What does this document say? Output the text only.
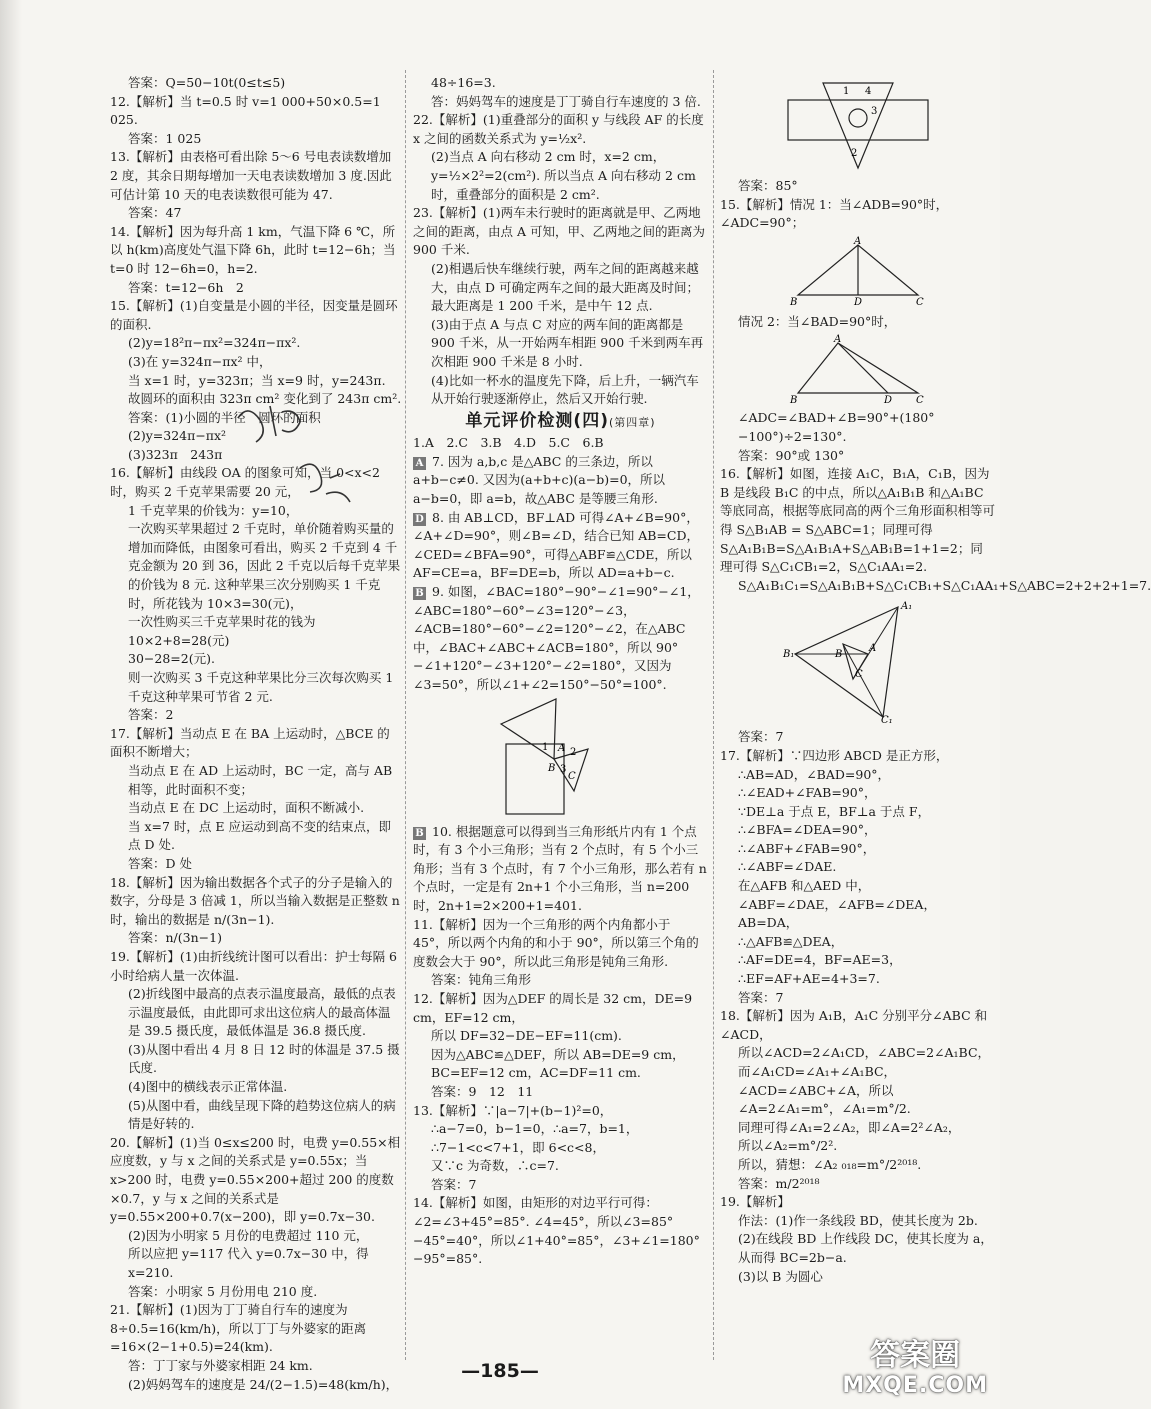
答案：Q=50−10t(0≤t≤5)

12.【解析】当 t=0.5 时 v=1 000+50×0.5=1 025.

答案：1 025

13.【解析】由表格可看出除 5～6 号电表读数增加 2 度，其余日期每增加一天电表读数增加 3 度.因此可估计第 10 天的电表读数很可能为 47.

答案：47

14.【解析】因为每升高 1 km，气温下降 6 ℃，所以 h(km)高度处气温下降 6h，此时 t=12−6h；当 t=0 时 12−6h=0，h=2.

答案：t=12−6h　2

15.【解析】(1)自变量是小圆的半径，因变量是圆环的面积.

(2)y=18²π−πx²=324π−πx².

(3)在 y=324π−πx² 中，

当 x=1 时，y=323π；当 x=9 时，y=243π.

故圆环的面积由 323π cm² 变化到了 243π cm².

答案：(1)小圆的半径　圆环的面积

(2)y=324π−πx²

(3)323π　243π

16.【解析】由线段 OA 的图象可知，当 0<x<2 时，购买 2 千克苹果需要 20 元，

1 千克苹果的价钱为：y=10，

一次购买苹果超过 2 千克时，单价随着购买量的增加而降低，由图象可看出，购买 2 千克到 4 千克金额为 20 到 36，因此 2 千克以后每千克苹果的价钱为 8 元. 这种苹果三次分别购买 1 千克时，所花钱为 10×3=30(元)，

一次性购买三千克苹果时花的钱为 10×2+8=28(元)

30−28=2(元).

则一次购买 3 千克这种苹果比分三次每次购买 1 千克这种苹果可节省 2 元.

答案：2

17.【解析】当动点 E 在 BA 上运动时，△BCE 的面积不断增大；

当动点 E 在 AD 上运动时，BC 一定，高与 AB 相等，此时面积不变；

当动点 E 在 DC 上运动时，面积不断减小.

当 x=7 时，点 E 应运动到高不变的结束点，即点 D 处.

答案：D 处

18.【解析】因为输出数据各个式子的分子是输入的数字，分母是 3 倍减 1，所以当输入数据是正整数 n 时，输出的数据是 n/(3n−1).

答案：n/(3n−1)

19.【解析】(1)由折线统计图可以看出：护士每隔 6 小时给病人量一次体温.

(2)折线图中最高的点表示温度最高，最低的点表示温度最低，由此即可求出这位病人的最高体温是 39.5 摄氏度，最低体温是 36.8 摄氏度.

(3)从图中看出 4 月 8 日 12 时的体温是 37.5 摄氏度.

(4)图中的横线表示正常体温.

(5)从图中看，曲线呈现下降的趋势这位病人的病情是好转的.

20.【解析】(1)当 0≤x≤200 时，电费 y=0.55×相应度数，y 与 x 之间的关系式是 y=0.55x；当 x>200 时，电费 y=0.55×200+超过 200 的度数×0.7，y 与 x 之间的关系式是 y=0.55×200+0.7(x−200)，即 y=0.7x−30.

(2)因为小明家 5 月份的电费超过 110 元，

所以应把 y=117 代入 y=0.7x−30 中，得 x=210.

答案：小明家 5 月份用电 210 度.

21.【解析】(1)因为丁丁骑自行车的速度为 8÷0.5=16(km/h)，所以丁丁与外婆家的距离=16×(2−1+0.5)=24(km).

答：丁丁家与外婆家相距 24 km.

(2)妈妈驾车的速度是 24/(2−1.5)=48(km/h)，

48÷16=3.

答：妈妈驾车的速度是丁丁骑自行车速度的 3 倍.

22.【解析】(1)重叠部分的面积 y 与线段 AF 的长度 x 之间的函数关系式为 y=½x².

(2)当点 A 向右移动 2 cm 时，x=2 cm，y=½×2²=2(cm²). 所以当点 A 向右移动 2 cm 时，重叠部分的面积是 2 cm².

23.【解析】(1)两车未行驶时的距离就是甲、乙两地之间的距离，由点 A 可知，甲、乙两地之间的距离为 900 千米.

(2)相遇后快车继续行驶，两车之间的距离越来越大，由点 D 可确定两车之间的最大距离及时间；最大距离是 1 200 千米，是中午 12 点.

(3)由于点 A 与点 C 对应的两车间的距离都是 900 千米，从一开始两车相距 900 千米到两车再次相距 900 千米是 8 小时.

(4)比如一杯水的温度先下降，后上升，一辆汽车从开始行驶逐渐停止，然后又开始行驶.

单元评价检测(四)(第四章)

1.A　2.C　3.B　4.D　5.C　6.B

A 7. 因为 a,b,c 是△ABC 的三条边，所以 a+b−c≠0. 又因为(a+b+c)(a−b)=0，所以 a−b=0，即 a=b，故△ABC 是等腰三角形.

D 8. 由 AB⊥CD，BF⊥AD 可得∠A+∠B=90°，∠A+∠D=90°，则∠B=∠D，结合已知 AB=CD，∠CED=∠BFA=90°，可得△ABF≌△CDE，所以 AF=CE=a，BF=DE=b，所以 AD=a+b−c.

B 9. 如图，∠BAC=180°−90°−∠1=90°−∠1，∠ABC=180°−60°−∠3=120°−∠3，∠ACB=180°−60°−∠2=120°−∠2，在△ABC 中，∠BAC+∠ABC+∠ACB=180°，所以 90°−∠1+120°−∠3+120°−∠2=180°，又因为∠3=50°，所以∠1+∠2=150°−50°=100°.

1 A 2
3
B
C

B 10. 根据题意可以得到当三角形纸片内有 1 个点时，有 3 个小三角形；当有 2 个点时，有 5 个小三角形；当有 3 个点时，有 7 个小三角形，那么若有 n 个点时，一定是有 2n+1 个小三角形，当 n=200 时，2n+1=2×200+1=401.

11.【解析】因为一个三角形的两个内角都小于 45°，所以两个内角的和小于 90°，所以第三个角的度数会大于 90°，所以此三角形是钝角三角形.

答案：钝角三角形

12.【解析】因为△DEF 的周长是 32 cm，DE=9 cm，EF=12 cm，

所以 DF=32−DE−EF=11(cm).

因为△ABC≌△DEF，所以 AB=DE=9 cm，BC=EF=12 cm，AC=DF=11 cm.

答案：9　12　11

13.【解析】∵|a−7|+(b−1)²=0，

∴a−7=0，b−1=0，∴a=7，b=1，

∴7−1<c<7+1，即 6<c<8，

又∵c 为奇数，∴c=7.

答案：7

14.【解析】如图，由矩形的对边平行可得：∠2=∠3+45°=85°. ∠4=45°，所以∠3=85°−45°=40°，所以∠1+40°=85°，∠3+∠1=180°−95°=85°.

1 4
3
2

答案：85°

15.【解析】情况 1：当∠ADB=90°时，∠ADC=90°；

A
B	D	C

情况 2：当∠BAD=90°时，

A
B	D C

∠ADC=∠BAD+∠B=90°+(180°−100°)÷2=130°.

答案：90°或 130°

16.【解析】如图，连接 A₁C，B₁A，C₁B，因为 B 是线段 B₁C 的中点，所以△A₁B₁B 和△A₁BC 等底同高，根据等底同高的两个三角形面积相等可得 S△B₁AB = S△ABC=1；同理可得 S△A₁B₁B=S△A₁B₁A+S△AB₁B=1+1=2；同理可得 S△C₁CB₁=2，S△C₁AA₁=2.

S△A₁B₁C₁=S△A₁B₁B+S△C₁CB₁+S△C₁AA₁+S△ABC=2+2+2+1=7.

A₁
B₁
A
B
C
C₁

答案：7

17.【解析】∵四边形 ABCD 是正方形，

∴AB=AD，∠BAD=90°，

∴∠EAD+∠FAB=90°，

∵DE⊥a 于点 E，BF⊥a 于点 F，

∴∠BFA=∠DEA=90°，

∴∠ABF+∠FAB=90°，

∴∠ABF=∠DAE.

在△AFB 和△AED 中，

∠ABF=∠DAE，∠AFB=∠DEA，AB=DA，

∴△AFB≌△DEA，

∴AF=DE=4，BF=AE=3，

∴EF=AF+AE=4+3=7.

答案：7

18.【解析】因为 A₁B，A₁C 分别平分∠ABC 和∠ACD，

所以∠ACD=2∠A₁CD，∠ABC=2∠A₁BC，

而∠A₁CD=∠A₁+∠A₁BC，∠ACD=∠ABC+∠A，所以∠A=2∠A₁=m°，∠A₁=m°/2.

同理可得∠A₁=2∠A₂，即∠A=2²∠A₂，

所以∠A₂=m°/2².

所以，猜想：∠A₂ ₀₁₈=m°/2²⁰¹⁸.

答案：m/2²⁰¹⁸

19.【解析】

作法：(1)作一条线段 BD，使其长度为 2b.

(2)在线段 BD 上作线段 DC，使其长度为 a，从而得 BC=2b−a.

(3)以 B 为圆心

—185—	答案圈
MXQE.COM
